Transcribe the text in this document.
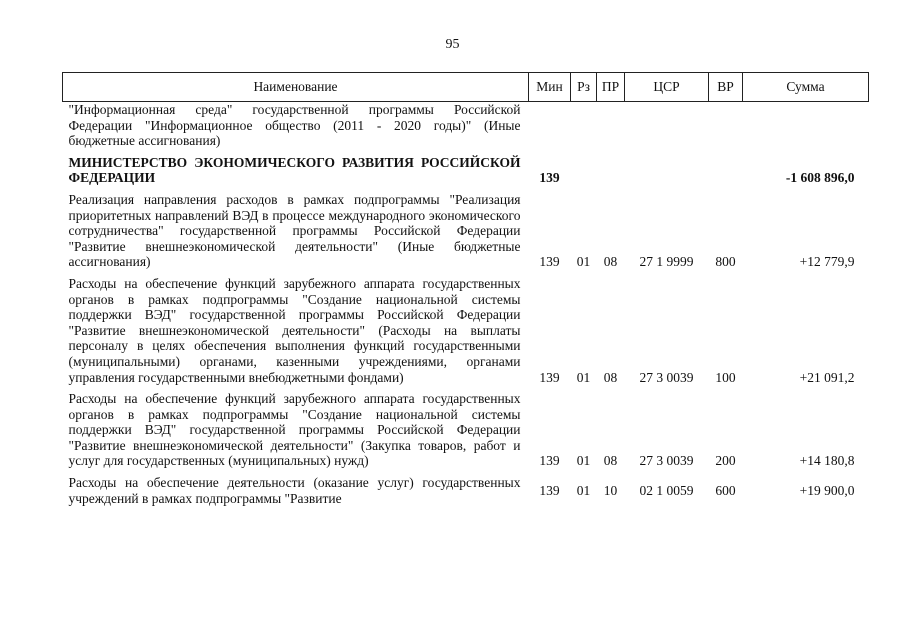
95
Наименование	Мин	Рз	ПР	ЦСР	ВР	Сумма
"Информационная среда" государственной программы Российской Федерации "Информационное общество (2011 - 2020 годы)" (Иные бюджетные ассигнования)						

МИНИСТЕРСТВО ЭКОНОМИЧЕСКОГО РАЗВИТИЯ РОССИЙСКОЙ ФЕДЕРАЦИИ	139					-1 608 896,0

Реализация направления расходов в рамках подпрограммы "Реализация приоритетных направлений ВЭД в процессе международного экономического сотрудничества" государственной программы Российской Федерации "Развитие внешнеэкономической деятельности" (Иные бюджетные ассигнования)	139	01	08	27 1 9999	800	+12 779,9

Расходы на обеспечение функций зарубежного аппарата государственных органов в рамках подпрограммы "Создание национальной системы поддержки ВЭД" государственной программы Российской Федерации "Развитие внешнеэкономической деятельности" (Расходы на выплаты персоналу в целях обеспечения выполнения функций государственными (муниципальными) органами, казенными учреждениями, органами управления государственными внебюджетными фондами)	139	01	08	27 3 0039	100	+21 091,2

Расходы на обеспечение функций зарубежного аппарата государственных органов в рамках подпрограммы "Создание национальной системы поддержки ВЭД" государственной программы Российской Федерации "Развитие внешнеэкономической деятельности" (Закупка товаров, работ и услуг для государственных (муниципальных) нужд)	139	01	08	27 3 0039	200	+14 180,8

Расходы на обеспечение деятельности (оказание услуг) государственных учреждений в рамках подпрограммы "Развитие	139	01	10	02 1 0059	600	+19 900,0
